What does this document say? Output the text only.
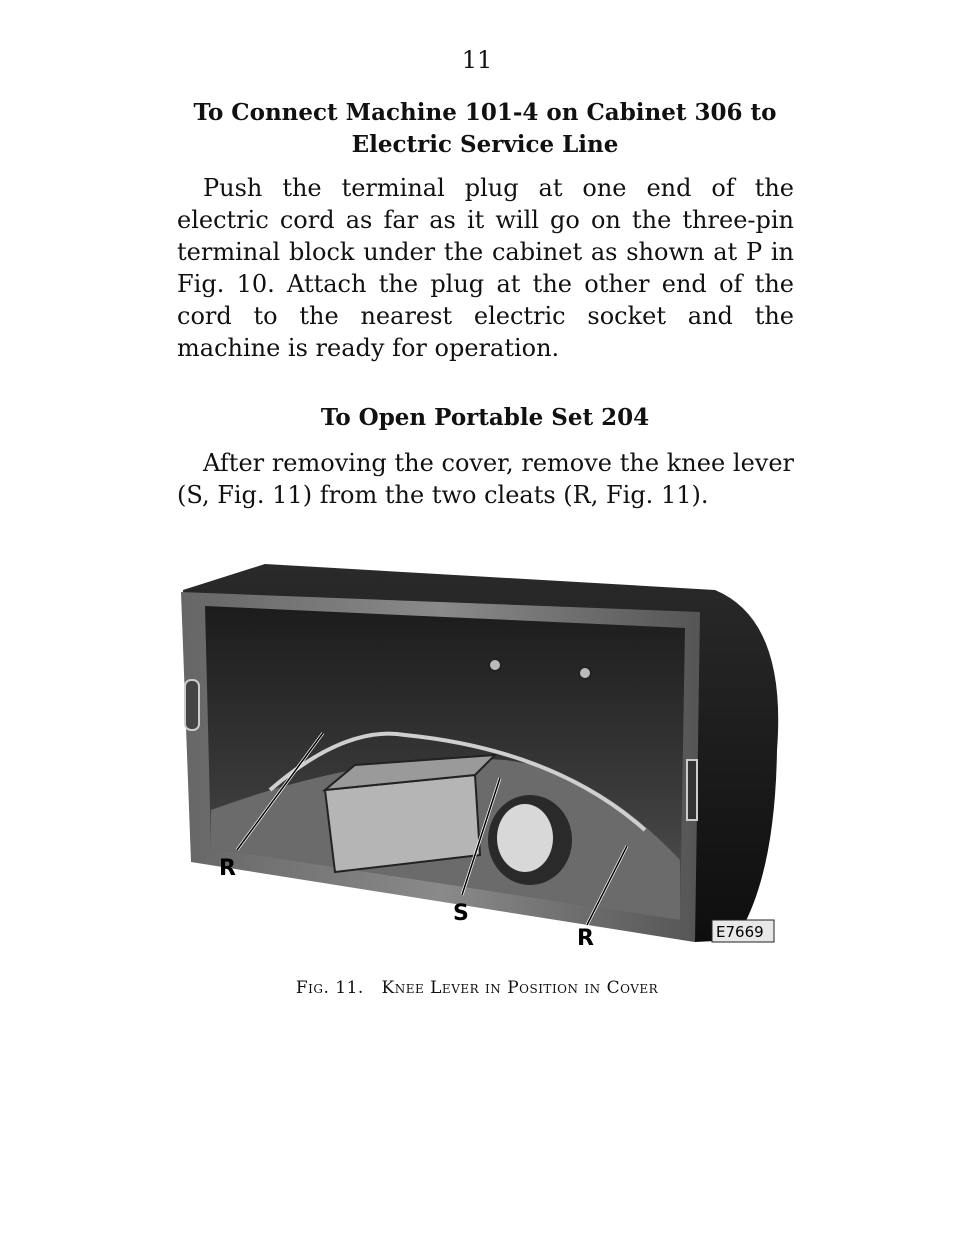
11
To Connect Machine 101-4 on Cabinet 306 to
Electric Service Line
Push the terminal plug at one end of the electric cord as far as it will go on the three-pin terminal block under the cabinet as shown at P in Fig. 10. Attach the plug at the other end of the cord to the nearest electric socket and the machine is ready for operation.
To Open Portable Set 204
After removing the cover, remove the knee lever (S, Fig. 11) from the two cleats (R, Fig. 11).
R
S
R	E7669
Fig. 11. Knee Lever in Position in Cover
